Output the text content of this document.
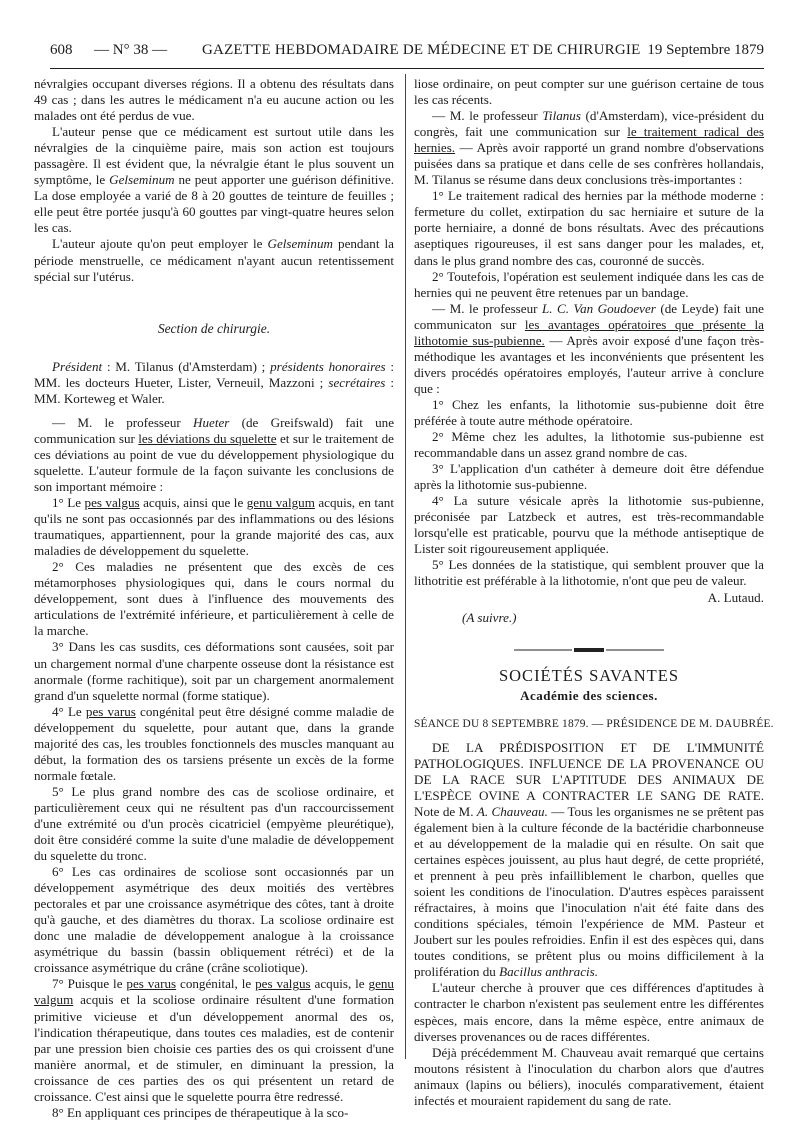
608 — N° 38 — GAZETTE HEBDOMADAIRE DE MÉDECINE ET DE CHIRURGIE 19 Septembre 1879

névralgies occupant diverses régions. Il a obtenu des résultats dans 49 cas ; dans les autres le médicament n'a eu aucune action ou les malades ont été perdus de vue.

L'auteur pense que ce médicament est surtout utile dans les névralgies de la cinquième paire, mais son action est toujours passagère. Il est évident que, la névralgie étant le plus souvent un symptôme, le Gelseminum ne peut apporter une guérison définitive. La dose employée a varié de 8 à 20 gouttes de teinture de feuilles ; elle peut être portée jusqu'à 60 gouttes par vingt-quatre heures selon les cas.

L'auteur ajoute qu'on peut employer le Gelseminum pendant la période menstruelle, ce médicament n'ayant aucun retentissement spécial sur l'utérus.

Section de chirurgie.

Président : M. Tilanus (d'Amsterdam) ; présidents honoraires : MM. les docteurs Hueter, Lister, Verneuil, Mazzoni ; secrétaires : MM. Korteweg et Waler.

— M. le professeur Hueter (de Greifswald) fait une communication sur les déviations du squelette et sur le traitement de ces déviations au point de vue du développement physiologique du squelette. L'auteur formule de la façon suivante les conclusions de son important mémoire :

1° Le pes valgus acquis, ainsi que le genu valgum acquis, en tant qu'ils ne sont pas occasionnés par des inflammations ou des lésions traumatiques, appartiennent, pour la grande majorité des cas, aux maladies de développement du squelette.

2° Ces maladies ne présentent que des excès de ces métamorphoses physiologiques qui, dans le cours normal du développement, sont dues à l'influence des mouvements des articulations de l'extrémité inférieure, et particulièrement à celle de la marche.

3° Dans les cas susdits, ces déformations sont causées, soit par un chargement normal d'une charpente osseuse dont la résistance est anormale (forme rachitique), soit par un chargement anormalement grand d'un squelette normal (forme statique).

4° Le pes varus congénital peut être désigné comme maladie de développement du squelette, pour autant que, dans la grande majorité des cas, les troubles fonctionnels des muscles manquant au début, la formation des os tarsiens présente un excès de la forme normale fœtale.

5° Le plus grand nombre des cas de scoliose ordinaire, et particulièrement ceux qui ne résultent pas d'un raccourcissement d'une extrémité ou d'un procès cicatriciel (empyème pleurétique), doit être considéré comme la suite d'une maladie de développement du squelette du tronc.

6° Les cas ordinaires de scoliose sont occasionnés par un développement asymétrique des deux moitiés des vertèbres pectorales et par une croissance asymétrique des côtes, tant à droite qu'à gauche, et des diamètres du thorax. La scoliose ordinaire est donc une maladie de développement analogue à la croissance asymétrique du bassin (bassin obliquement rétréci) et de la croissance asymétrique du crâne (crâne scoliotique).

7° Puisque le pes varus congénital, le pes valgus acquis, le genu valgum acquis et la scoliose ordinaire résultent d'une formation primitive vicieuse et d'un développement anormal des os, l'indication thérapeutique, dans toutes ces maladies, est de contenir par une pression bien choisie ces parties des os qui croissent d'une manière anormal, et de stimuler, en diminuant la pression, la croissance de ces parties des os qui présentent un retard de croissance. C'est ainsi que le squelette pourra être redressé.

8° En appliquant ces principes de thérapeutique à la sco-

liose ordinaire, on peut compter sur une guérison certaine de tous les cas récents.

— M. le professeur Tilanus (d'Amsterdam), vice-président du congrès, fait une communication sur le traitement radical des hernies. — Après avoir rapporté un grand nombre d'observations puisées dans sa pratique et dans celle de ses confrères hollandais, M. Tilanus se résume dans deux conclusions très-importantes :

1° Le traitement radical des hernies par la méthode moderne : fermeture du collet, extirpation du sac herniaire et suture de la porte herniaire, a donné de bons résultats. Avec des précautions aseptiques rigoureuses, il est sans danger pour les malades, et, dans le plus grand nombre des cas, couronné de succès.

2° Toutefois, l'opération est seulement indiquée dans les cas de hernies qui ne peuvent être retenues par un bandage.

— M. le professeur L. C. Van Goudoever (de Leyde) fait une communicaton sur les avantages opératoires que présente la lithotomie sus-pubienne. — Après avoir exposé d'une façon très-méthodique les avantages et les inconvénients que présentent les divers procédés opératoires employés, l'auteur arrive à conclure que :

1° Chez les enfants, la lithotomie sus-pubienne doit être préférée à toute autre méthode opératoire.

2° Même chez les adultes, la lithotomie sus-pubienne est recommandable dans un assez grand nombre de cas.

3° L'application d'un cathéter à demeure doit être défendue après la lithotomie sus-pubienne.

4° La suture vésicale après la lithotomie sus-pubienne, préconisée par Latzbeck et autres, est très-recommandable lorsqu'elle est praticable, pourvu que la méthode antiseptique de Lister soit rigoureusement appliquée.

5° Les données de la statistique, qui semblent prouver que la lithotritie est préférable à la lithotomie, n'ont que peu de valeur.

A. Lutaud.

(A suivre.)

SOCIÉTÉS SAVANTES
Académie des sciences.
SÉANCE DU 8 SEPTEMBRE 1879. — PRÉSIDENCE DE M. DAUBRÉE.

DE LA PRÉDISPOSITION ET DE L'IMMUNITÉ PATHOLOGIQUES. INFLUENCE DE LA PROVENANCE OU DE LA RACE SUR L'APTITUDE DES ANIMAUX DE L'ESPÈCE OVINE A CONTRACTER LE SANG DE RATE. Note de M. A. Chauveau. — Tous les organismes ne se prêtent pas également bien à la culture féconde de la bactéridie charbonneuse et au développement de la maladie qui en résulte. On sait que certaines espèces jouissent, au plus haut degré, de cette propriété, et prennent à peu près infailliblement le charbon, quelles que soient les conditions de l'inoculation. D'autres espèces paraissent réfractaires, à moins que l'inoculation n'ait été faite dans des conditions spéciales, témoin l'expérience de MM. Pasteur et Joubert sur les poules refroidies. Enfin il est des espèces qui, dans toutes conditions, se prêtent plus ou moins difficilement à la prolifération du Bacillus anthracis.

L'auteur cherche à prouver que ces différences d'aptitudes à contracter le charbon n'existent pas seulement entre les différentes espèces, mais encore, dans la même espèce, entre animaux de diverses provenances ou de races différentes.

Déjà précédemment M. Chauveau avait remarqué que certains moutons résistent à l'inoculation du charbon alors que d'autres animaux (lapins ou béliers), inoculés comparativement, étaient infectés et mouraient rapidement du sang de rate.
